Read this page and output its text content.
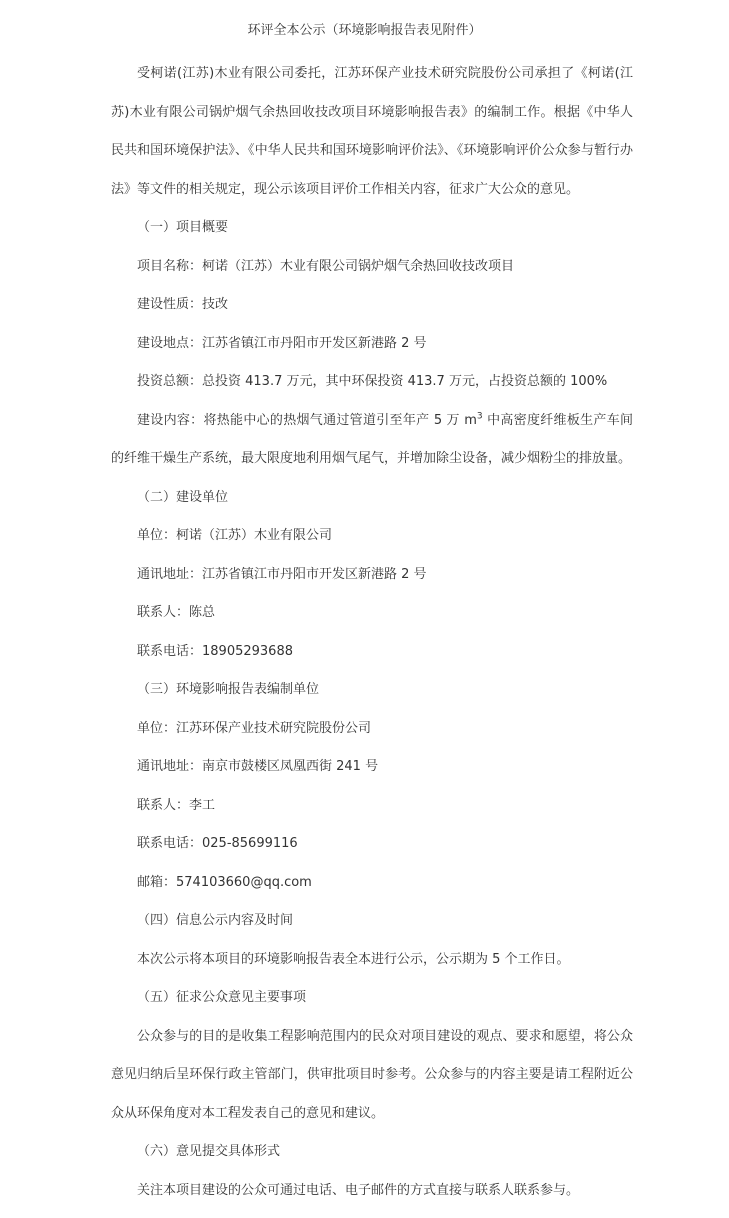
环评全本公示（环境影响报告表见附件）

受柯诺(江苏)木业有限公司委托，江苏环保产业技术研究院股份公司承担了《柯诺(江苏)木业有限公司锅炉烟气余热回收技改项目环境影响报告表》的编制工作。根据《中华人民共和国环境保护法》、《中华人民共和国环境影响评价法》、《环境影响评价公众参与暂行办法》等文件的相关规定，现公示该项目评价工作相关内容，征求广大公众的意见。

（一）项目概要

项目名称：柯诺（江苏）木业有限公司锅炉烟气余热回收技改项目

建设性质：技改

建设地点：江苏省镇江市丹阳市开发区新港路 2 号

投资总额：总投资 413.7 万元，其中环保投资 413.7 万元，占投资总额的 100%

建设内容：将热能中心的热烟气通过管道引至年产 5 万 $m^3$ 中高密度纤维板生产车间的纤维干燥生产系统，最大限度地利用烟气尾气，并增加除尘设备，减少烟粉尘的排放量。

（二）建设单位

单位：柯诺（江苏）木业有限公司

通讯地址：江苏省镇江市丹阳市开发区新港路 2 号

联系人：陈总

联系电话：18905293688

（三）环境影响报告表编制单位

单位：江苏环保产业技术研究院股份公司

通讯地址：南京市鼓楼区凤凰西街 241 号

联系人：李工

联系电话：025-85699116

邮箱：574103660@qq.com

（四）信息公示内容及时间

本次公示将本项目的环境影响报告表全本进行公示，公示期为 5 个工作日。

（五）征求公众意见主要事项

公众参与的目的是收集工程影响范围内的民众对项目建设的观点、要求和愿望，将公众意见归纳后呈环保行政主管部门，供审批项目时参考。公众参与的内容主要是请工程附近公众从环保角度对本工程发表自己的意见和建议。

（六）意见提交具体形式

关注本项目建设的公众可通过电话、电子邮件的方式直接与联系人联系参与。
